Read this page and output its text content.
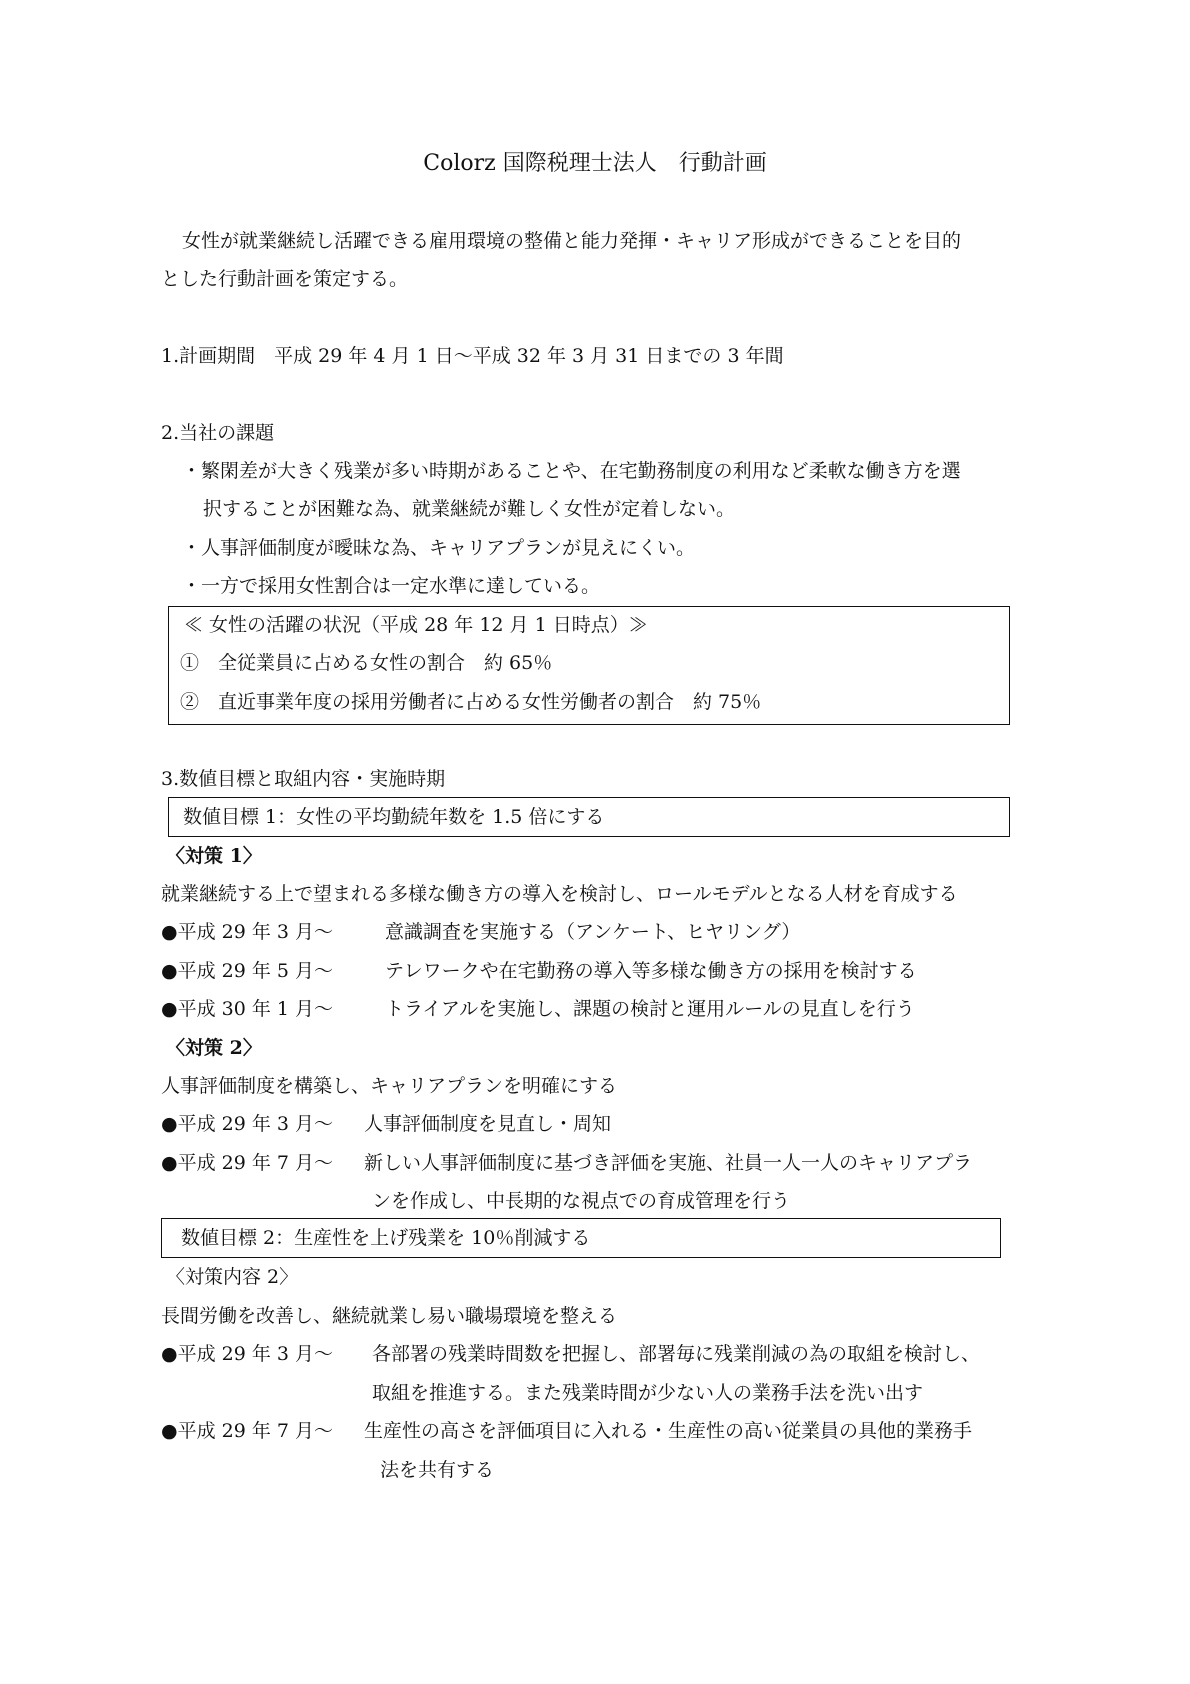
Colorz 国際税理士法人　行動計画
女性が就業継続し活躍できる雇用環境の整備と能力発揮・キャリア形成ができることを目的
とした行動計画を策定する。
1.計画期間　平成 29 年 4 月 1 日～平成 32 年 3 月 31 日までの 3 年間
2.当社の課題
・繁閑差が大きく残業が多い時期があることや、在宅勤務制度の利用など柔軟な働き方を選
択することが困難な為、就業継続が難しく女性が定着しない。
・人事評価制度が曖昧な為、キャリアプランが見えにくい。
・一方で採用女性割合は一定水準に達している。
≪ 女性の活躍の状況（平成 28 年 12 月 1 日時点）≫
①　全従業員に占める女性の割合　約 65％
②　直近事業年度の採用労働者に占める女性労働者の割合　約 75％
3.数値目標と取組内容・実施時期
数値目標 1：女性の平均勤続年数を 1.5 倍にする
〈対策 1〉
就業継続する上で望まれる多様な働き方の導入を検討し、ロールモデルとなる人材を育成する
●平成 29 年 3 月～	意識調査を実施する（アンケート、ヒヤリング）
●平成 29 年 5 月～	テレワークや在宅勤務の導入等多様な働き方の採用を検討する
●平成 30 年 1 月～	トライアルを実施し、課題の検討と運用ルールの見直しを行う
〈対策 2〉
人事評価制度を構築し、キャリアプランを明確にする
●平成 29 年 3 月～ 人事評価制度を見直し・周知
●平成 29 年 7 月～ 新しい人事評価制度に基づき評価を実施、社員一人一人のキャリアプラ
ンを作成し、中長期的な視点での育成管理を行う
数値目標 2：生産性を上げ残業を 10％削減する
〈対策内容 2〉
長間労働を改善し、継続就業し易い職場環境を整える
●平成 29 年 3 月～ 各部署の残業時間数を把握し、部署毎に残業削減の為の取組を検討し、
取組を推進する。また残業時間が少ない人の業務手法を洗い出す
●平成 29 年 7 月～ 生産性の高さを評価項目に入れる・生産性の高い従業員の具他的業務手
法を共有する
